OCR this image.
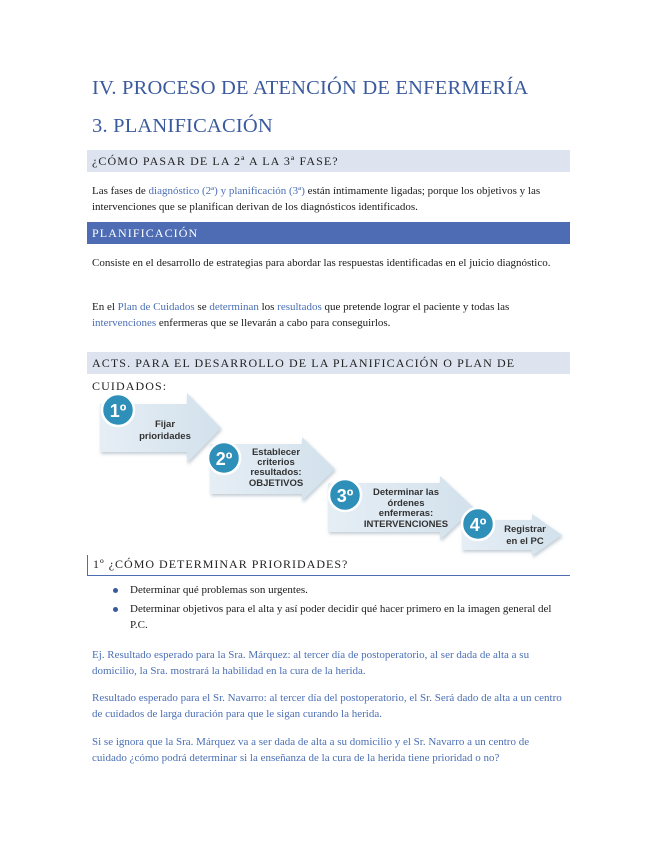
IV. PROCESO DE ATENCIÓN DE ENFERMERÍA
3. PLANIFICACIÓN
¿CÓMO PASAR DE LA 2ª A LA 3ª FASE?
Las fases de diagnóstico (2ª) y planificación (3ª) están íntimamente ligadas; porque los objetivos y las intervenciones que se planifican derivan de los diagnósticos identificados.
PLANIFICACIÓN
Consiste en el desarrollo de estrategias para abordar las respuestas identificadas en el juicio diagnóstico.
En el Plan de Cuidados se determinan los resultados que pretende lograr el paciente y todas las intervenciones enfermeras que se llevarán a cabo para conseguirlos.
ACTS. PARA EL DESARROLLO DE LA PLANIFICACIÓN O PLAN DE CUIDADOS:
1º
Fijar
prioridades
2º Establecer
criterios
resultados:
OBJETIVOS
3º Determinar las
órdenes
enfermeras:
INTERVENCIONES 4º Registrar
en el PC
1º ¿CÓMO DETERMINAR PRIORIDADES?
Determinar qué problemas son urgentes.
Determinar objetivos para el alta y así poder decidir qué hacer primero en la imagen general del P.C.
Ej. Resultado esperado para la Sra. Márquez: al tercer día de postoperatorio, al ser dada de alta a su domicilio, la Sra. mostrará la habilidad en la cura de la herida.
Resultado esperado para el Sr. Navarro: al tercer día del postoperatorio, el Sr. Será dado de alta a un centro de cuidados de larga duración para que le sigan curando la herida.
Si se ignora que la Sra. Márquez va a ser dada de alta a su domicilio y el Sr. Navarro a un centro de cuidado ¿cómo podrá determinar si la enseñanza de la cura de la herida tiene prioridad o no?
